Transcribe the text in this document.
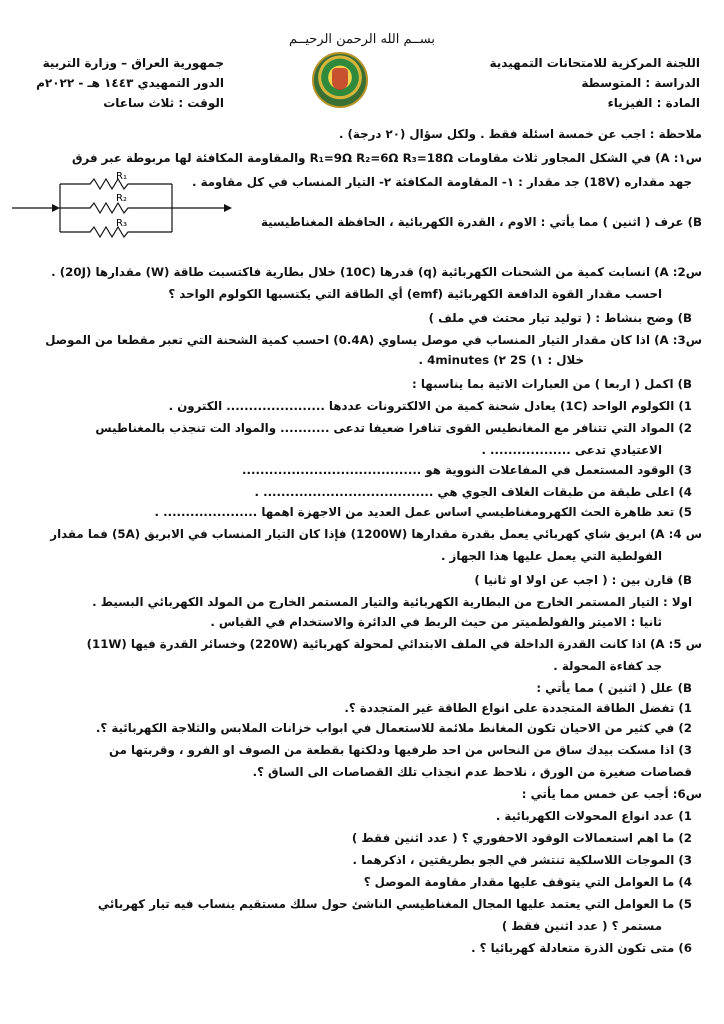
بســم الله الرحمن الرحيــم
اللجنة المركزية للامتحانات التمهيدية
الدراسة : المتوسطة
المادة : الفيزياء
جمهورية العراق – وزارة التربية
الدور التمهيدي ١٤٤٣ هـ - ٢٠٢٢م
الوقت : ثلاث ساعات
ملاحظة : اجب عن خمسة اسئلة فقط . ولكل سؤال (٢٠ درجة) .
س١: A) في الشكل المجاور ثلاث مقاومات R₁=9Ω R₂=6Ω R₃=18Ω والمقاومة المكافئة لها مربوطة عبر فرق
جهد مقداره (18V) جد مقدار : ١- المقاومة المكافئة ٢- التيار المنساب في كل مقاومة .
R₁
R₂
R₃	B) عرف ( اثنين ) مما يأتي : الاوم ، القدرة الكهربائية ، الحافظة المغناطيسية
س2: A) انسابت كمية من الشحنات الكهربائية (q) قدرها (10C) خلال بطارية فاكتسبت طاقة (W) مقدارها (20J) .
احسب مقدار القوة الدافعة الكهربائية (emf) أي الطاقة التي يكتسبها الكولوم الواحد ؟
B) وضح بنشاط : ( توليد تيار محتث في ملف )
س3: A) اذا كان مقدار التيار المنساب في موصل يساوي (0.4A) احسب كمية الشحنة التي تعبر مقطعا من الموصل
خلال : ١) 2S ٢) 4minutes .
B) اكمل ( اربعا ) من العبارات الاتية بما يناسبها :
1) الكولوم الواحد (1C) يعادل شحنة كمية من الالكترونات عددها ...................... الكترون .
2) المواد التي تتنافر مع المغانطيس القوى تنافرا ضعيفا تدعى ........... والمواد الت تنجذب بالمغناطيس
الاعتيادي تدعى .................. .
3) الوقود المستعمل في المفاعلات النووية هو ........................................
4) اعلى طبقة من طبقات الغلاف الجوي هي ...................................... .
5) تعد ظاهرة الحث الكهرومغناطيسي اساس عمل العديد من الاجهزة اهمها ..................... .
س 4: A) ابريق شاي كهربائي يعمل بقدرة مقدارها (1200W) فإذا كان التيار المنساب في الابريق (5A) فما مقدار
الفولطية التي يعمل عليها هذا الجهاز .
B) قارن بين : ( اجب عن اولا او ثانيا )
اولا : التيار المستمر الخارج من البطارية الكهربائية والتيار المستمر الخارج من المولد الكهربائي البسيط .
ثانيا : الاميتر والفولطميتر من حيث الربط في الدائرة والاستخدام في القياس .
س 5: A) اذا كانت القدرة الداخلة في الملف الابتدائي لمحولة كهربائية (220W) وخسائر القدرة فيها (11W)
جد كفاءة المحولة .
B) علل ( اثنين ) مما يأتي :
1) تفضل الطاقة المتجددة على انواع الطاقة غير المتجددة ؟.
2) في كثير من الاحيان تكون المغانط ملائمة للاستعمال في ابواب خزانات الملابس والثلاجة الكهربائية ؟.
3) اذا مسكت بيدك ساق من النحاس من احد طرفيها ودلكتها بقطعة من الصوف او الفرو ، وقربتها من
قصاصات صغيرة من الورق ، نلاحظ عدم انجذاب تلك القصاصات الى الساق ؟.
س6: أجب عن خمس مما يأتي :
1) عدد انواع المحولات الكهربائية .
2) ما اهم استعمالات الوقود الاحفوري ؟ ( عدد اثنين فقط )
3) الموجات اللاسلكية تنتشر في الجو بطريقتين ، اذكرهما .
4) ما العوامل التي يتوقف عليها مقدار مقاومة الموصل ؟
5) ما العوامل التي يعتمد عليها المجال المغناطيسي الناشئ حول سلك مستقيم ينساب فيه تيار كهربائي
مستمر ؟ ( عدد اثنين فقط )
6) متى تكون الذرة متعادلة كهربائيا ؟ .
